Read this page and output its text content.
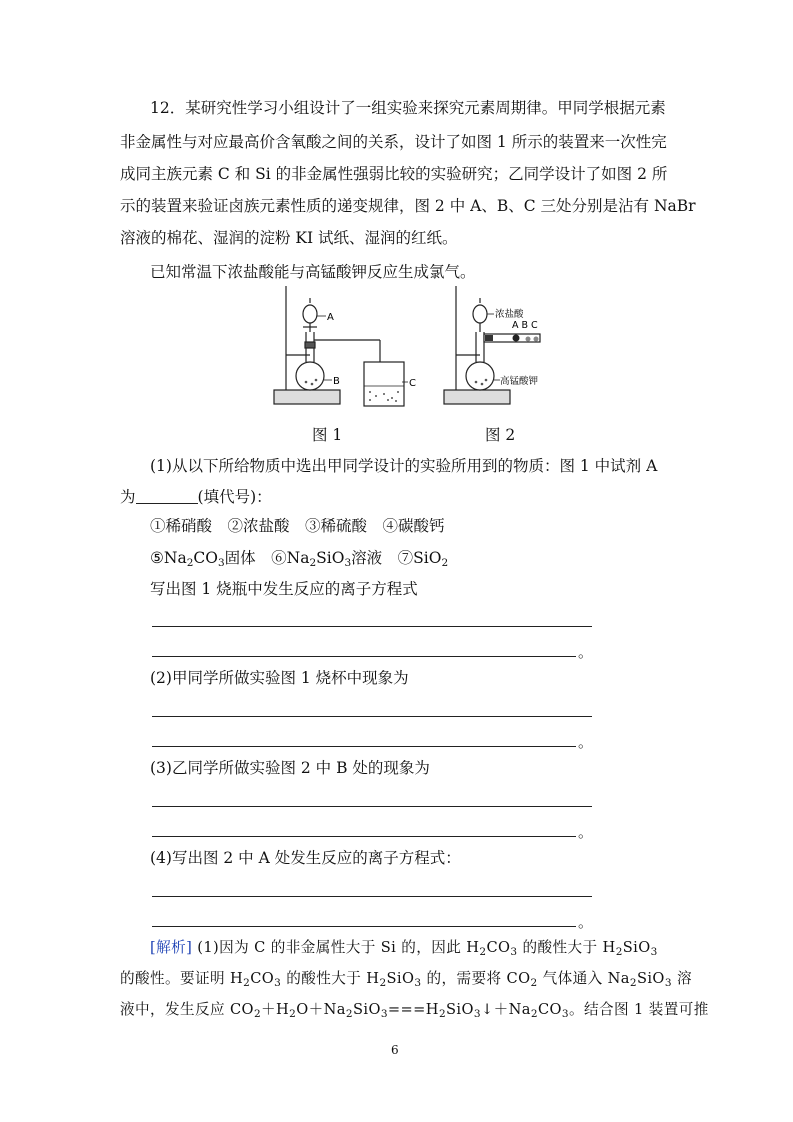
12．某研究性学习小组设计了一组实验来探究元素周期律。甲同学根据元素
非金属性与对应最高价含氧酸之间的关系，设计了如图 1 所示的装置来一次性完
成同主族元素 C 和 Si 的非金属性强弱比较的实验研究；乙同学设计了如图 2 所
示的装置来验证卤族元素性质的递变规律，图 2 中 A、B、C 三处分别是沾有 NaBr
溶液的棉花、湿润的淀粉 KI 试纸、湿润的红纸。
已知常温下浓盐酸能与高锰酸钾反应生成氯气。
A
B	C
图 1
浓盐酸
A B C
高锰酸钾
图 2
(1)从以下所给物质中选出甲同学设计的实验所用到的物质：图 1 中试剂 A
为	(填代号)：
①稀硝酸　②浓盐酸　③稀硫酸　④碳酸钙
⑤Na2CO3固体　⑥Na2SiO3溶液　⑦SiO2
写出图 1 烧瓶中发生反应的离子方程式
。
(2)甲同学所做实验图 1 烧杯中现象为
。
(3)乙同学所做实验图 2 中 B 处的现象为
。
(4)写出图 2 中 A 处发生反应的离子方程式：
。
[解析] (1)因为 C 的非金属性大于 Si 的，因此 $H_2CO_3$ 的酸性大于 $H_2SiO_3$
的酸性。要证明 $H_2CO_3$ 的酸性大于 $H_2SiO_3$ 的，需要将 $CO_2$ 气体通入 $Na_2SiO_3$ 溶
液中，发生反应 $CO_2+H_2O+Na_2SiO_3===H_2SiO_3↓+Na_2CO_3$。结合图 1 装置可推
6
